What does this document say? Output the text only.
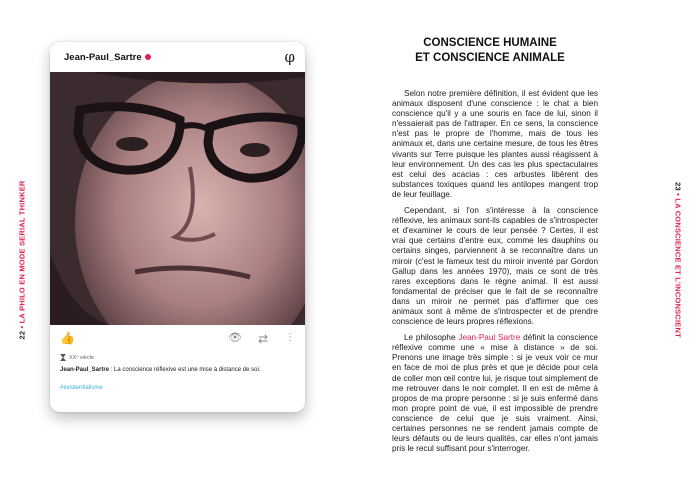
22 • LA PHILO EN MODE SERIAL THINKER	23 • LA CONSCIENCE ET L'INCONSCIENT
Jean-Paul_Sartre	φ
👍	👁 ⇄ ⋮
XXᵉ siècle
Jean-Paul_Sartre : La conscience réflexive est une mise à distance de soi.
#existentialisme
CONSCIENCE HUMAINE
ET CONSCIENCE ANIMALE

Selon notre première définition, il est évident que les animaux disposent d'une conscience : le chat a bien conscience qu'il y a une souris en face de lui, sinon il n'essaierait pas de l'attraper. En ce sens, la conscience n'est pas le propre de l'homme, mais de tous les animaux et, dans une certaine mesure, de tous les êtres vivants sur Terre puisque les plantes aussi réagissent à leur environnement. Un des cas les plus spectaculaires est celui des acacias : ces arbustes libèrent des substances toxiques quand les antilopes mangent trop de leur feuillage.

Cependant, si l'on s'intéresse à la conscience réflexive, les animaux sont-ils capables de s'introspecter et d'examiner le cours de leur pensée ? Certes, il est vrai que certains d'entre eux, comme les dauphins ou certains singes, parviennent à se reconnaître dans un miroir (c'est le fameux test du miroir inventé par Gordon Gallup dans les années 1970), mais ce sont de très rares exceptions dans le règne animal. Il est aussi fondamental de préciser que le fait de se reconnaître dans un miroir ne permet pas d'affirmer que ces animaux sont à même de s'introspecter et de prendre conscience de leurs propres réflexions.

Le philosophe Jean-Paul Sartre définit la conscience réflexive comme une « mise à distance » de soi. Prenons une image très simple : si je veux voir ce mur en face de moi de plus près et que je décide pour cela de coller mon œil contre lui, je risque tout simplement de me retrouver dans le noir complet. Il en est de même à propos de ma propre personne : si je suis enfermé dans mon propre point de vue, il est impossible de prendre conscience de celui que je suis vraiment. Ainsi, certaines personnes ne se rendent jamais compte de leurs défauts ou de leurs qualités, car elles n'ont jamais pris le recul suffisant pour s'interroger.
